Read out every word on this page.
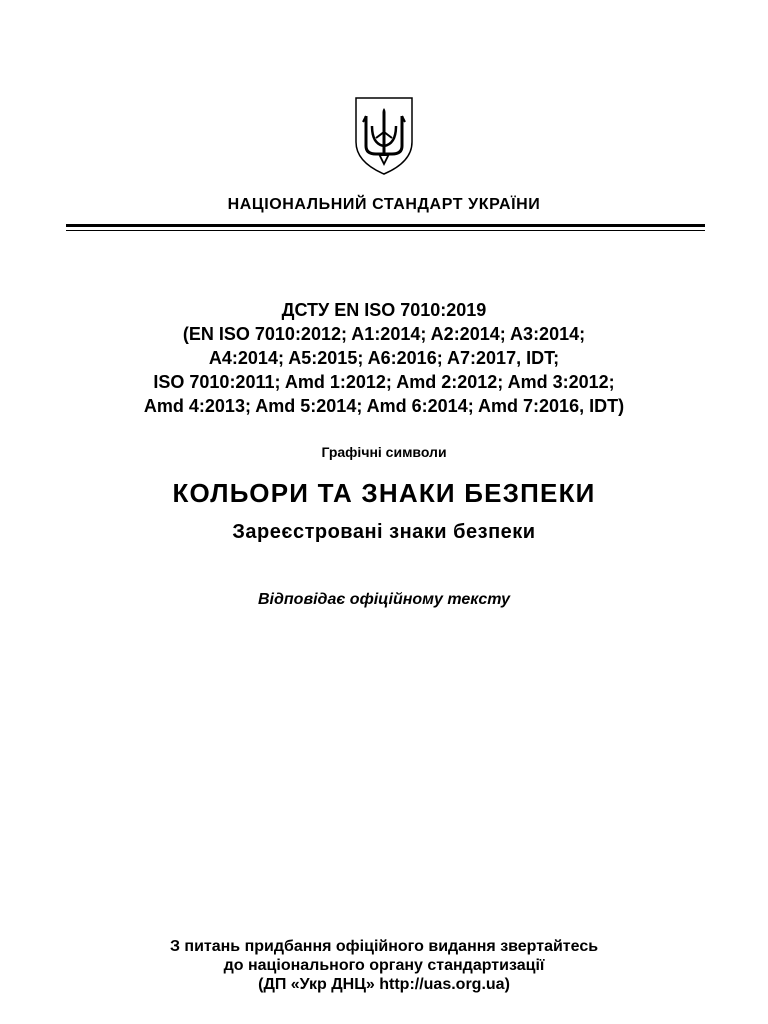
НАЦІОНАЛЬНИЙ СТАНДАРТ УКРАЇНИ
ДСТУ EN ISO 7010:2019
(EN ISO 7010:2012; A1:2014; A2:2014; A3:2014;
A4:2014; A5:2015; A6:2016; A7:2017, IDT;
ISO 7010:2011; Amd 1:2012; Amd 2:2012; Amd 3:2012;
Amd 4:2013; Amd 5:2014; Amd 6:2014; Amd 7:2016, IDT)
Графічні символи
КОЛЬОРИ ТА ЗНАКИ БЕЗПЕКИ
Зареєстровані знаки безпеки
Відповідає офіційному тексту
З питань придбання офіційного видання звертайтесь
до національного органу стандартизації
(ДП «Укр ДНЦ» http://uas.org.ua)
